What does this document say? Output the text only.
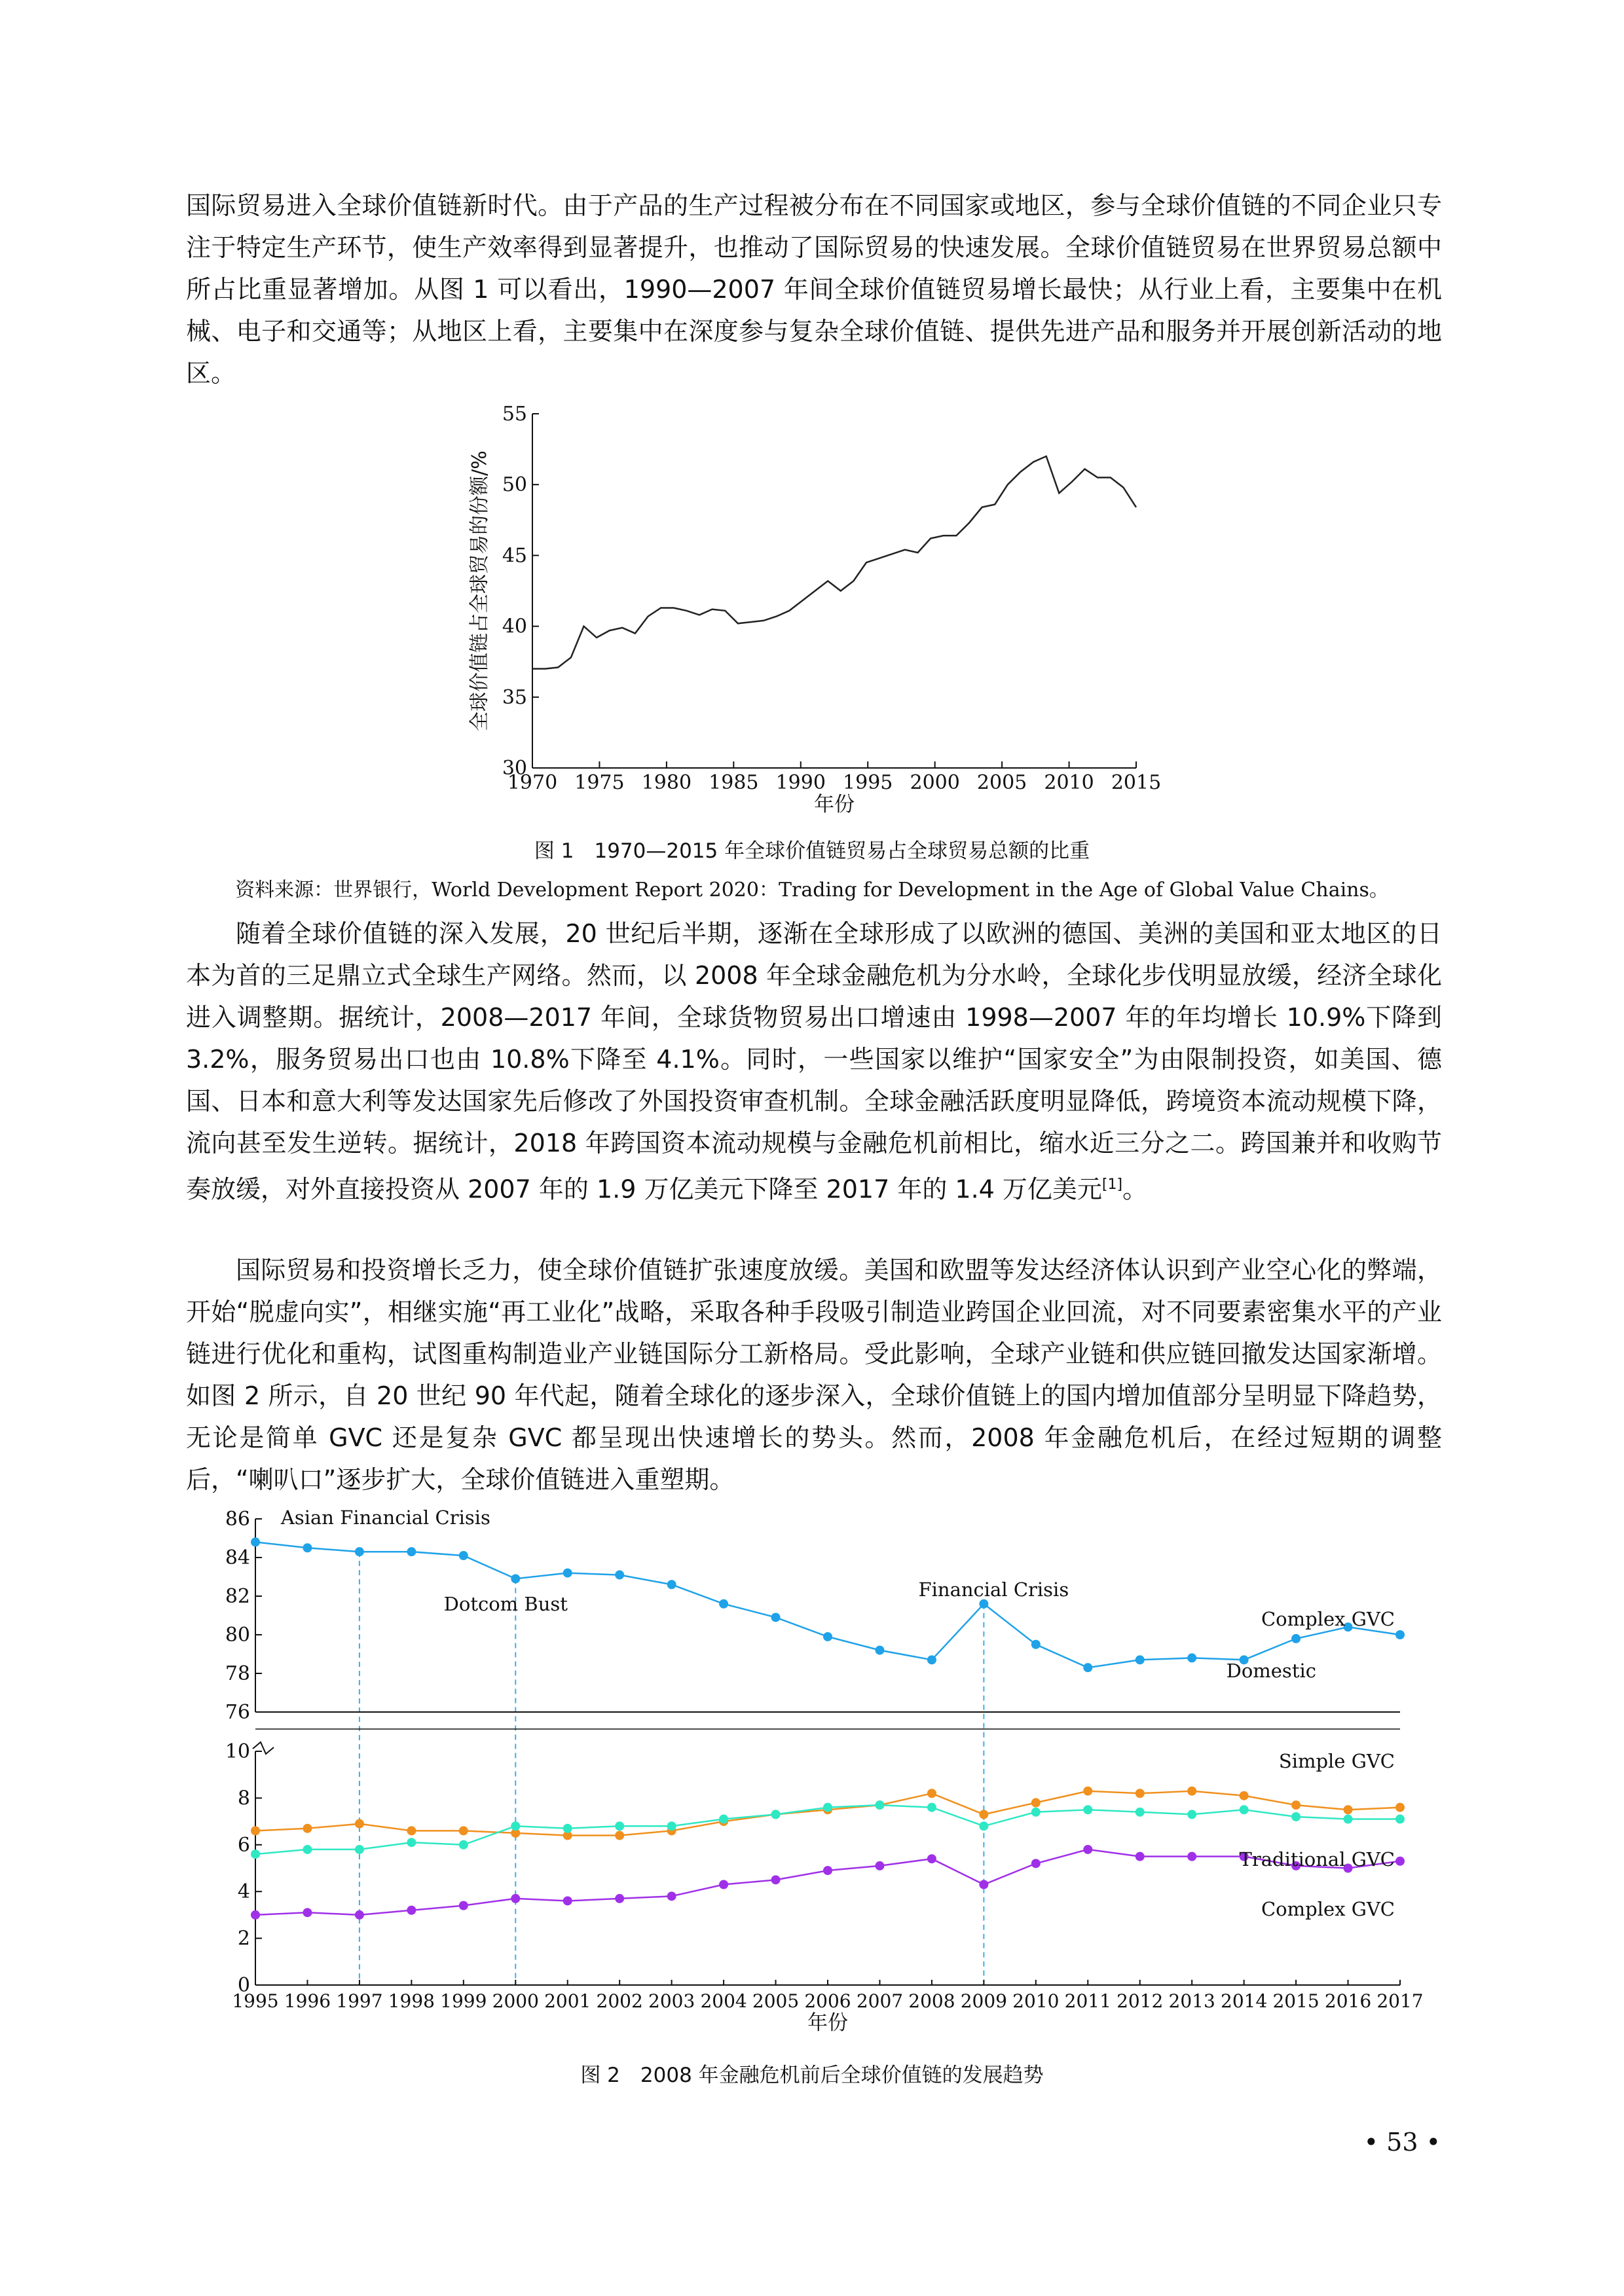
国际贸易进入全球价值链新时代。由于产品的生产过程被分布在不同国家或地区，参与全球价值链的不同企业只专注于特定生产环节，使生产效率得到显著提升，也推动了国际贸易的快速发展。全球价值链贸易在世界贸易总额中所占比重显著增加。从图 1 可以看出，1990—2007 年间全球价值链贸易增长最快；从行业上看，主要集中在机械、电子和交通等；从地区上看，主要集中在深度参与复杂全球价值链、提供先进产品和服务并开展创新活动的地区。

30
35
40
45
50
55
1970 1975 1980 1985 1990 1995 2000 2005 2010 2015
年份
全球价值链占全球贸易的份额/%
图 1　1970—2015 年全球价值链贸易占全球贸易总额的比重
资料来源：世界银行，World Development Report 2020：Trading for Development in the Age of Global Value Chains。

随着全球价值链的深入发展，20 世纪后半期，逐渐在全球形成了以欧洲的德国、美洲的美国和亚太地区的日本为首的三足鼎立式全球生产网络。然而，以 2008 年全球金融危机为分水岭，全球化步伐明显放缓，经济全球化进入调整期。据统计，2008—2017 年间，全球货物贸易出口增速由 1998—2007 年的年均增长 10.9%下降到 3.2%，服务贸易出口也由 10.8%下降至 4.1%。同时，一些国家以维护“国家安全”为由限制投资，如美国、德国、日本和意大利等发达国家先后修改了外国投资审查机制。全球金融活跃度明显降低，跨境资本流动规模下降，流向甚至发生逆转。据统计，2018 年跨国资本流动规模与金融危机前相比，缩水近三分之二。跨国兼并和收购节奏放缓，对外直接投资从 2007 年的 1.9 万亿美元下降至 2017 年的 1.4 万亿美元[1]。

国际贸易和投资增长乏力，使全球价值链扩张速度放缓。美国和欧盟等发达经济体认识到产业空心化的弊端，开始“脱虚向实”，相继实施“再工业化”战略，采取各种手段吸引制造业跨国企业回流，对不同要素密集水平的产业链进行优化和重构，试图重构制造业产业链国际分工新格局。受此影响，全球产业链和供应链回撤发达国家渐增。如图 2 所示，自 20 世纪 90 年代起，随着全球化的逐步深入，全球价值链上的国内增加值部分呈明显下降趋势，无论是简单 GVC 还是复杂 GVC 都呈现出快速增长的势头。然而，2008 年金融危机后，在经过短期的调整后，“喇叭口”逐步扩大，全球价值链进入重塑期。

76
78
80
82
84
86
0
2
4
6
8
10
1995 1996 1997 1998 1999 2000 2001 2002 2003 2004 2005 2006 2007 2008 2009 2010 2011 2012 2013 2014 2015 2016 2017
年份
Asian Financial Crisis
Dotcom Bust
Financial Crisis
Complex GVC
Domestic
Simple GVC
Traditional GVC
Complex GVC
图 2　2008 年金融危机前后全球价值链的发展趋势
• 53 •
